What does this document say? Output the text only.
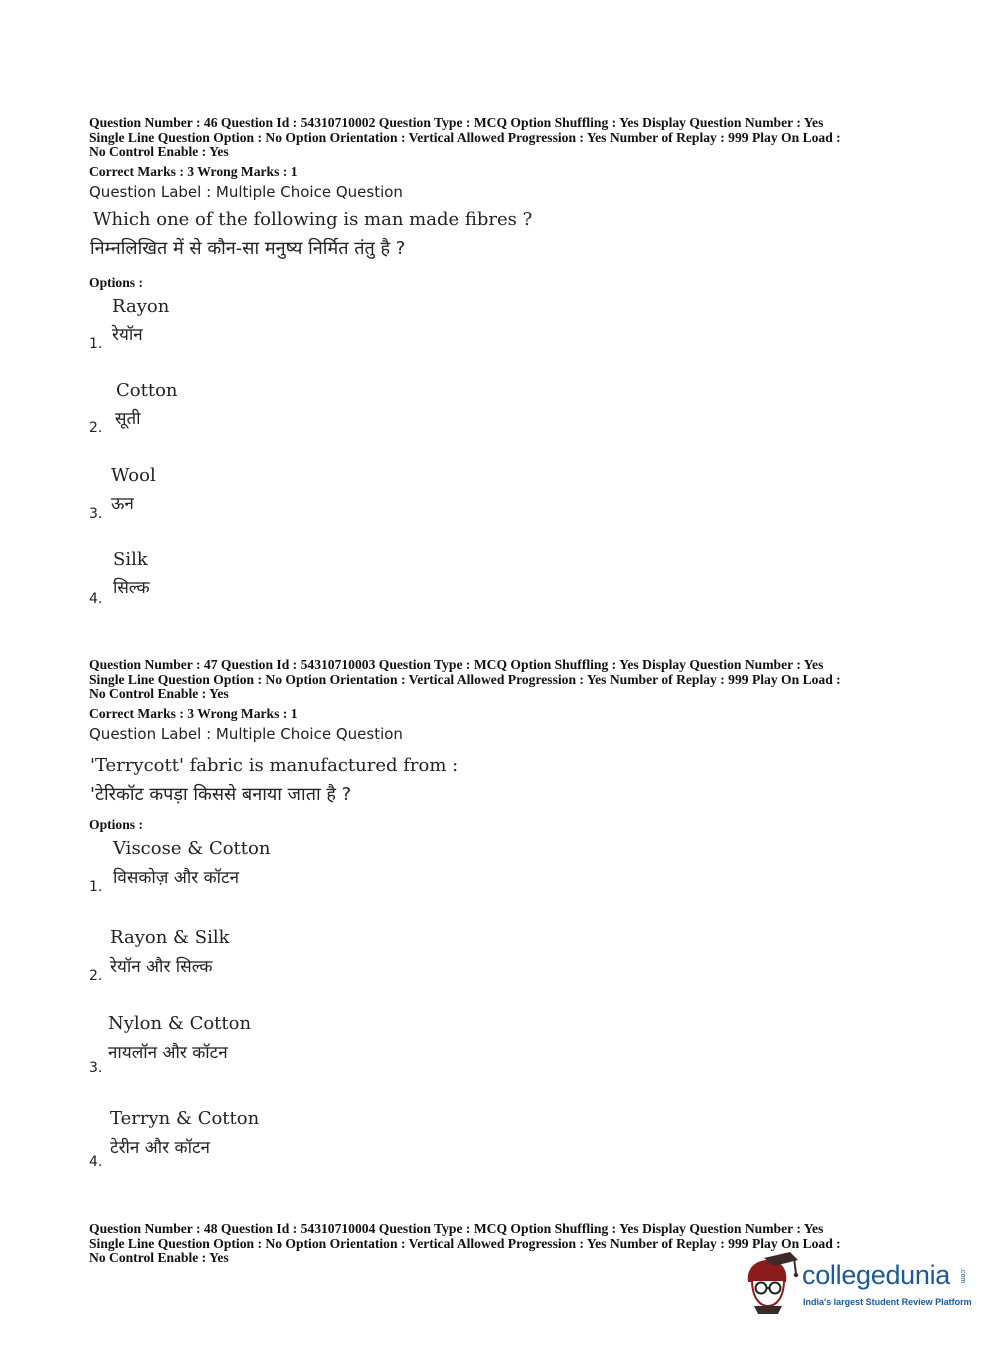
Question Number : 46 Question Id : 54310710002 Question Type : MCQ Option Shuffling : Yes Display Question Number : Yes
Single Line Question Option : No Option Orientation : Vertical Allowed Progression : Yes Number of Replay : 999 Play On Load :
No Control Enable : Yes
Correct Marks : 3 Wrong Marks : 1
Question Label : Multiple Choice Question
Which one of the following is man made fibres ?
निम्नलिखित में से कौन-सा मनुष्य निर्मित तंतु है ?
Options :
Rayon
रेयॉन
1.
Cotton
सूती
2.
Wool
ऊन
3.
Silk
सिल्क
4.
Question Number : 47 Question Id : 54310710003 Question Type : MCQ Option Shuffling : Yes Display Question Number : Yes
Single Line Question Option : No Option Orientation : Vertical Allowed Progression : Yes Number of Replay : 999 Play On Load :
No Control Enable : Yes
Correct Marks : 3 Wrong Marks : 1
Question Label : Multiple Choice Question
'Terrycott' fabric is manufactured from :
'टेरिकॉट कपड़ा किससे बनाया जाता है ?
Options :
Viscose & Cotton
विसकोज़ और कॉटन
1.
Rayon & Silk
रेयॉन और सिल्क
2.
Nylon & Cotton
नायलॉन और कॉटन
3.
Terryn & Cotton
टेरीन और कॉटन
4.
Question Number : 48 Question Id : 54310710004 Question Type : MCQ Option Shuffling : Yes Display Question Number : Yes
Single Line Question Option : No Option Orientation : Vertical Allowed Progression : Yes Number of Replay : 999 Play On Load :
No Control Enable : Yes
collegedunia .com
India's largest Student Review Platform
